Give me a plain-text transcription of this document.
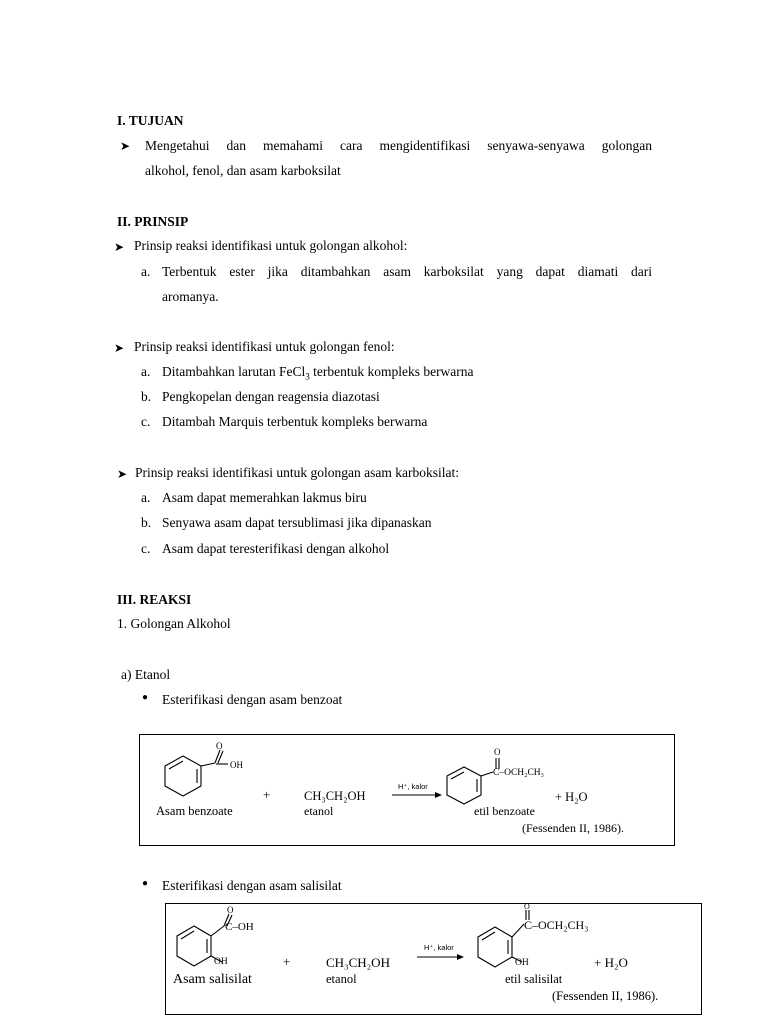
I. TUJUAN
➤ Mengetahui dan memahami cara mengidentifikasi senyawa-senyawa golongan
alkohol, fenol, dan asam karboksilat
II. PRINSIP
➤ Prinsip reaksi identifikasi untuk golongan alkohol:
a. Terbentuk ester jika ditambahkan asam karboksilat yang dapat diamati dari
aromanya.
➤ Prinsip reaksi identifikasi untuk golongan fenol:
a. Ditambahkan larutan FeCl$_3$ terbentuk kompleks berwarna
b. Pengkopelan dengan reagensia diazotasi
c. Ditambah Marquis terbentuk kompleks berwarna
➤ Prinsip reaksi identifikasi untuk golongan asam karboksilat:
a. Asam dapat memerahkan lakmus biru
b. Senyawa asam dapat tersublimasi jika dipanaskan
c. Asam dapat teresterifikasi dengan alkohol
III. REAKSI
1. Golongan Alkohol
a) Etanol
● Esterifikasi dengan asam benzoat
O
OH
Asam benzoate
+	CH₃CH₂OH
etanol
H⁺, kalor
O
C–OCH₂CH₃
etil benzoate
+ H₂O
(Fessenden II, 1986).
● Esterifikasi dengan asam salisilat
O
C–OH
OH
Asam salisilat
+	CH₃CH₂OH
etanol
H⁺, kalor
O
C–OCH₂CH₃
OH
etil salisilat
+ H₂O
(Fessenden II, 1986).
